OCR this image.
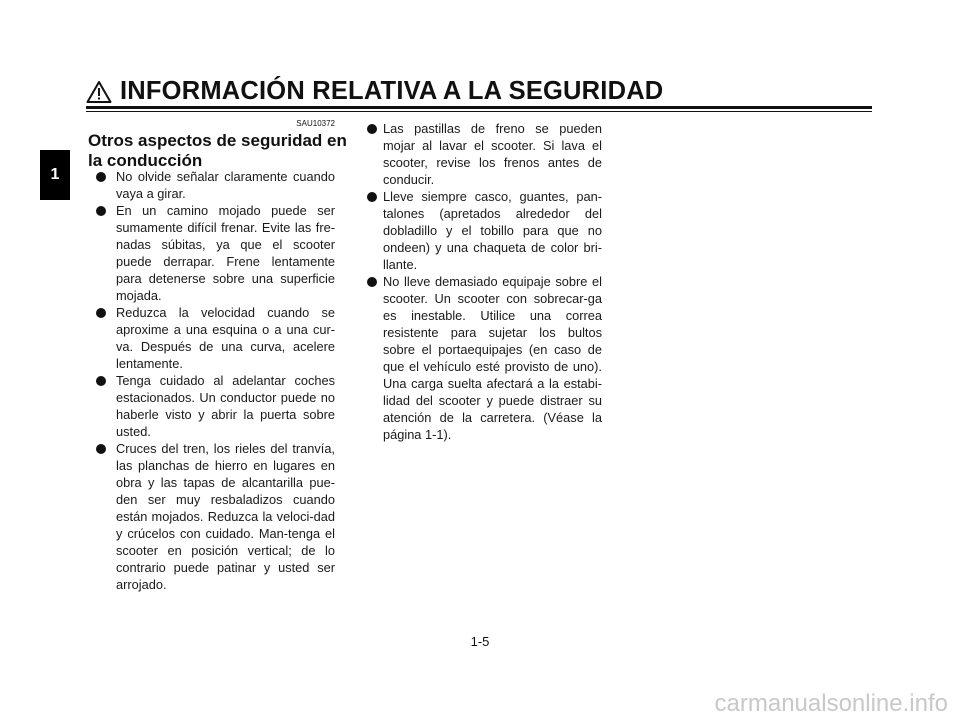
INFORMACIÓN RELATIVA A LA SEGURIDAD
1
SAU10372
Otros aspectos de seguridad en la conducción
No olvide señalar claramente cuando vaya a girar.
En un camino mojado puede ser sumamente difícil frenar. Evite las fre-nadas súbitas, ya que el scooter puede derrapar. Frene lentamente para detenerse sobre una superficie mojada.
Reduzca la velocidad cuando se aproxime a una esquina o a una cur-va. Después de una curva, acelere lentamente.
Tenga cuidado al adelantar coches estacionados. Un conductor puede no haberle visto y abrir la puerta sobre usted.
Cruces del tren, los rieles del tranvía, las planchas de hierro en lugares en obra y las tapas de alcantarilla pue-den ser muy resbaladizos cuando están mojados. Reduzca la veloci-dad y crúcelos con cuidado. Man-tenga el scooter en posición vertical; de lo contrario puede patinar y usted ser arrojado.
Las pastillas de freno se pueden mojar al lavar el scooter. Si lava el scooter, revise los frenos antes de conducir.
Lleve siempre casco, guantes, pan-talones (apretados alrededor del dobladillo y el tobillo para que no ondeen) y una chaqueta de color bri-llante.
No lleve demasiado equipaje sobre el scooter. Un scooter con sobrecar-ga es inestable. Utilice una correa resistente para sujetar los bultos sobre el portaequipajes (en caso de que el vehículo esté provisto de uno). Una carga suelta afectará a la estabi-lidad del scooter y puede distraer su atención de la carretera. (Véase la página 1-1).
1-5
carmanualsonline.info
